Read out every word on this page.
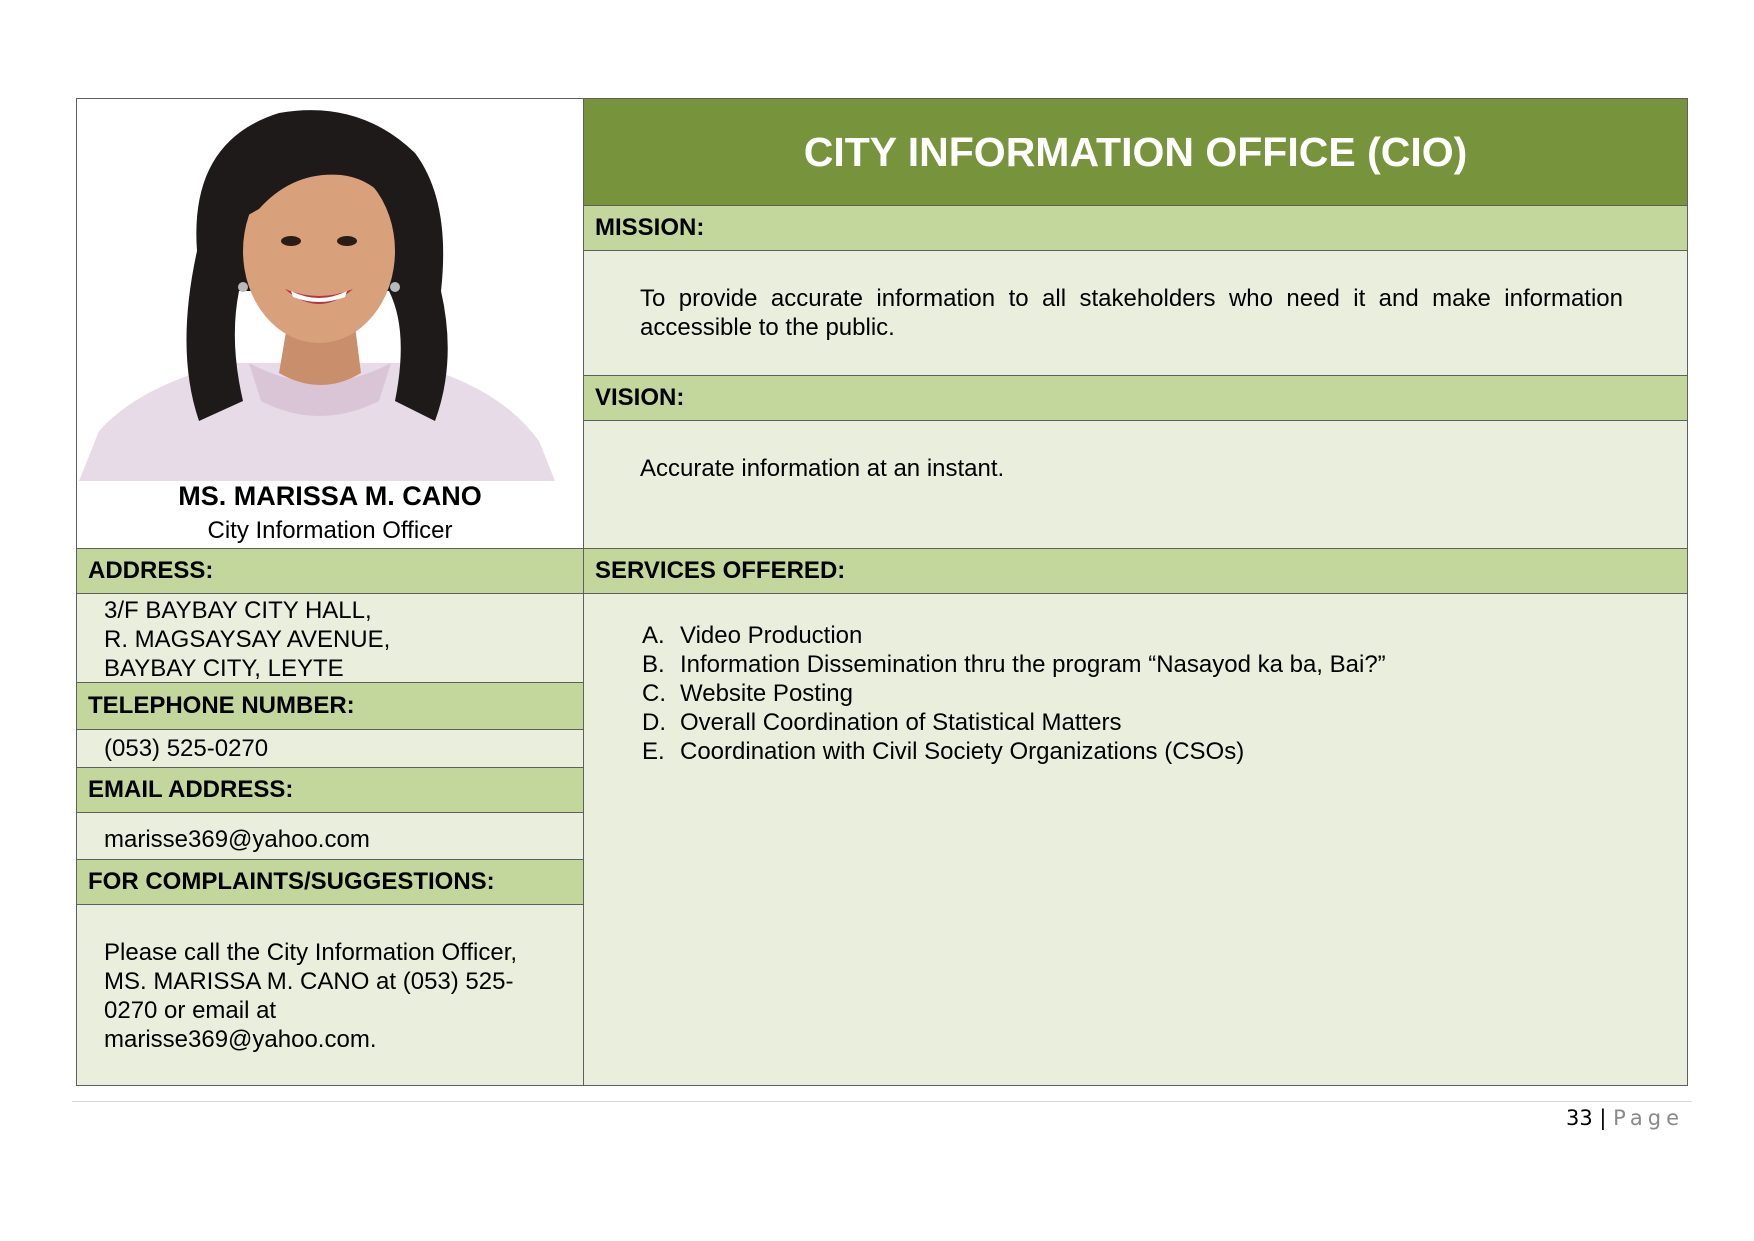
MS. MARISSA M. CANO
City Information Officer
CITY INFORMATION OFFICE (CIO)
MISSION:
To provide accurate information to all stakeholders who need it and make information accessible to the public.
VISION:
Accurate information at an instant.
ADDRESS:
3/F BAYBAY CITY HALL,
R. MAGSAYSAY AVENUE,
BAYBAY CITY, LEYTE
TELEPHONE NUMBER:
(053) 525-0270
EMAIL ADDRESS:
marisse369@yahoo.com
FOR COMPLAINTS/SUGGESTIONS:
Please call the City Information Officer,
MS. MARISSA M. CANO at (053) 525-
0270 or email at
marisse369@yahoo.com.
SERVICES OFFERED:
A. Video Production
B. Information Dissemination thru the program “Nasayod ka ba, Bai?”
C. Website Posting
D. Overall Coordination of Statistical Matters
E. Coordination with Civil Society Organizations (CSOs)
33 | Page
